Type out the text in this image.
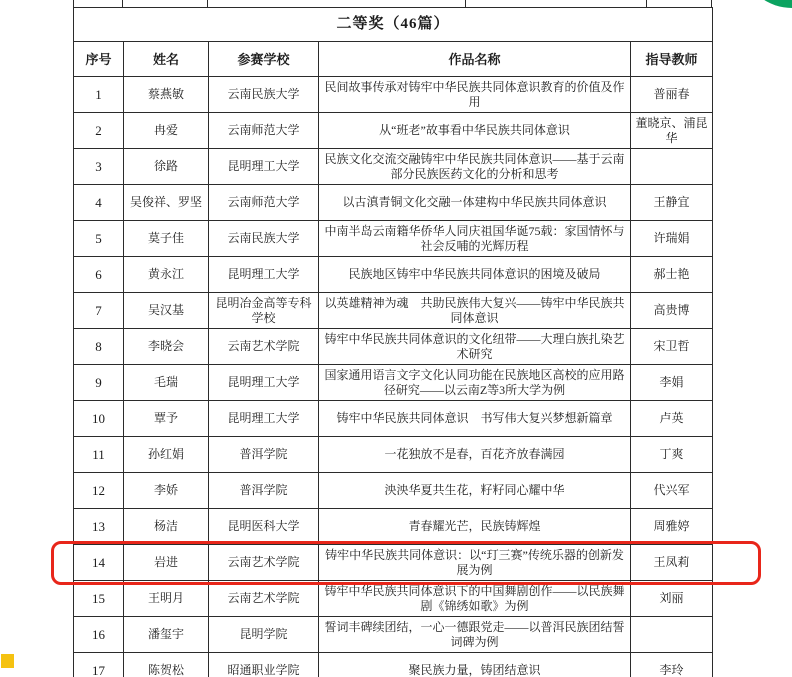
二等奖（46篇）				
序号	姓名	参赛学校	作品名称	指导教师
1	蔡燕敏	云南民族大学	民间故事传承对铸牢中华民族共同体意识教育的价值及作用	普丽春
2	冉爱	云南师范大学	从“班老”故事看中华民族共同体意识	董晓京、浦昆华
3	徐路	昆明理工大学	民族文化交流交融铸牢中华民族共同体意识——基于云南部分民族医药文化的分析和思考	
4	吴俊祥、罗坚	云南师范大学	以古滇青铜文化交融一体建构中华民族共同体意识	王静宜
5	莫子佳	云南民族大学	中南半岛云南籍华侨华人同庆祖国华诞75载：家国情怀与社会反哺的光辉历程	许瑞娟
6	黄永江	昆明理工大学	民族地区铸牢中华民族共同体意识的困境及破局	郝士艳
7	吴汉基	昆明冶金高等专科学校	以英雄精神为魂　共助民族伟大复兴——铸牢中华民族共同体意识	高贵博
8	李晓会	云南艺术学院	铸牢中华民族共同体意识的文化纽带——大理白族扎染艺术研究	宋卫哲
9	毛瑞	昆明理工大学	国家通用语言文字文化认同功能在民族地区高校的应用路径研究——以云南Z等3所大学为例	李娟
10	覃予	昆明理工大学	铸牢中华民族共同体意识　书写伟大复兴梦想新篇章	卢英
11	孙红娟	普洱学院	一花独放不是春，百花齐放春满园	丁爽
12	李娇	普洱学院	泱泱华夏共生花，籽籽同心耀中华	代兴军
13	杨洁	昆明医科大学	青春耀光芒，民族铸辉煌	周雅婷
14	岩进	云南艺术学院	铸牢中华民族共同体意识：以“玎三赛”传统乐器的创新发展为例	王凤莉
15	王明月	云南艺术学院	铸牢中华民族共同体意识下的中国舞剧创作——以民族舞剧《锦绣如歌》为例	刘丽
16	潘玺宇	昆明学院	誓词丰碑续团结，一心一德跟党走——以普洱民族团结誓词碑为例	
17	陈贺松	昭通职业学院	聚民族力量，铸团结意识	李玲
